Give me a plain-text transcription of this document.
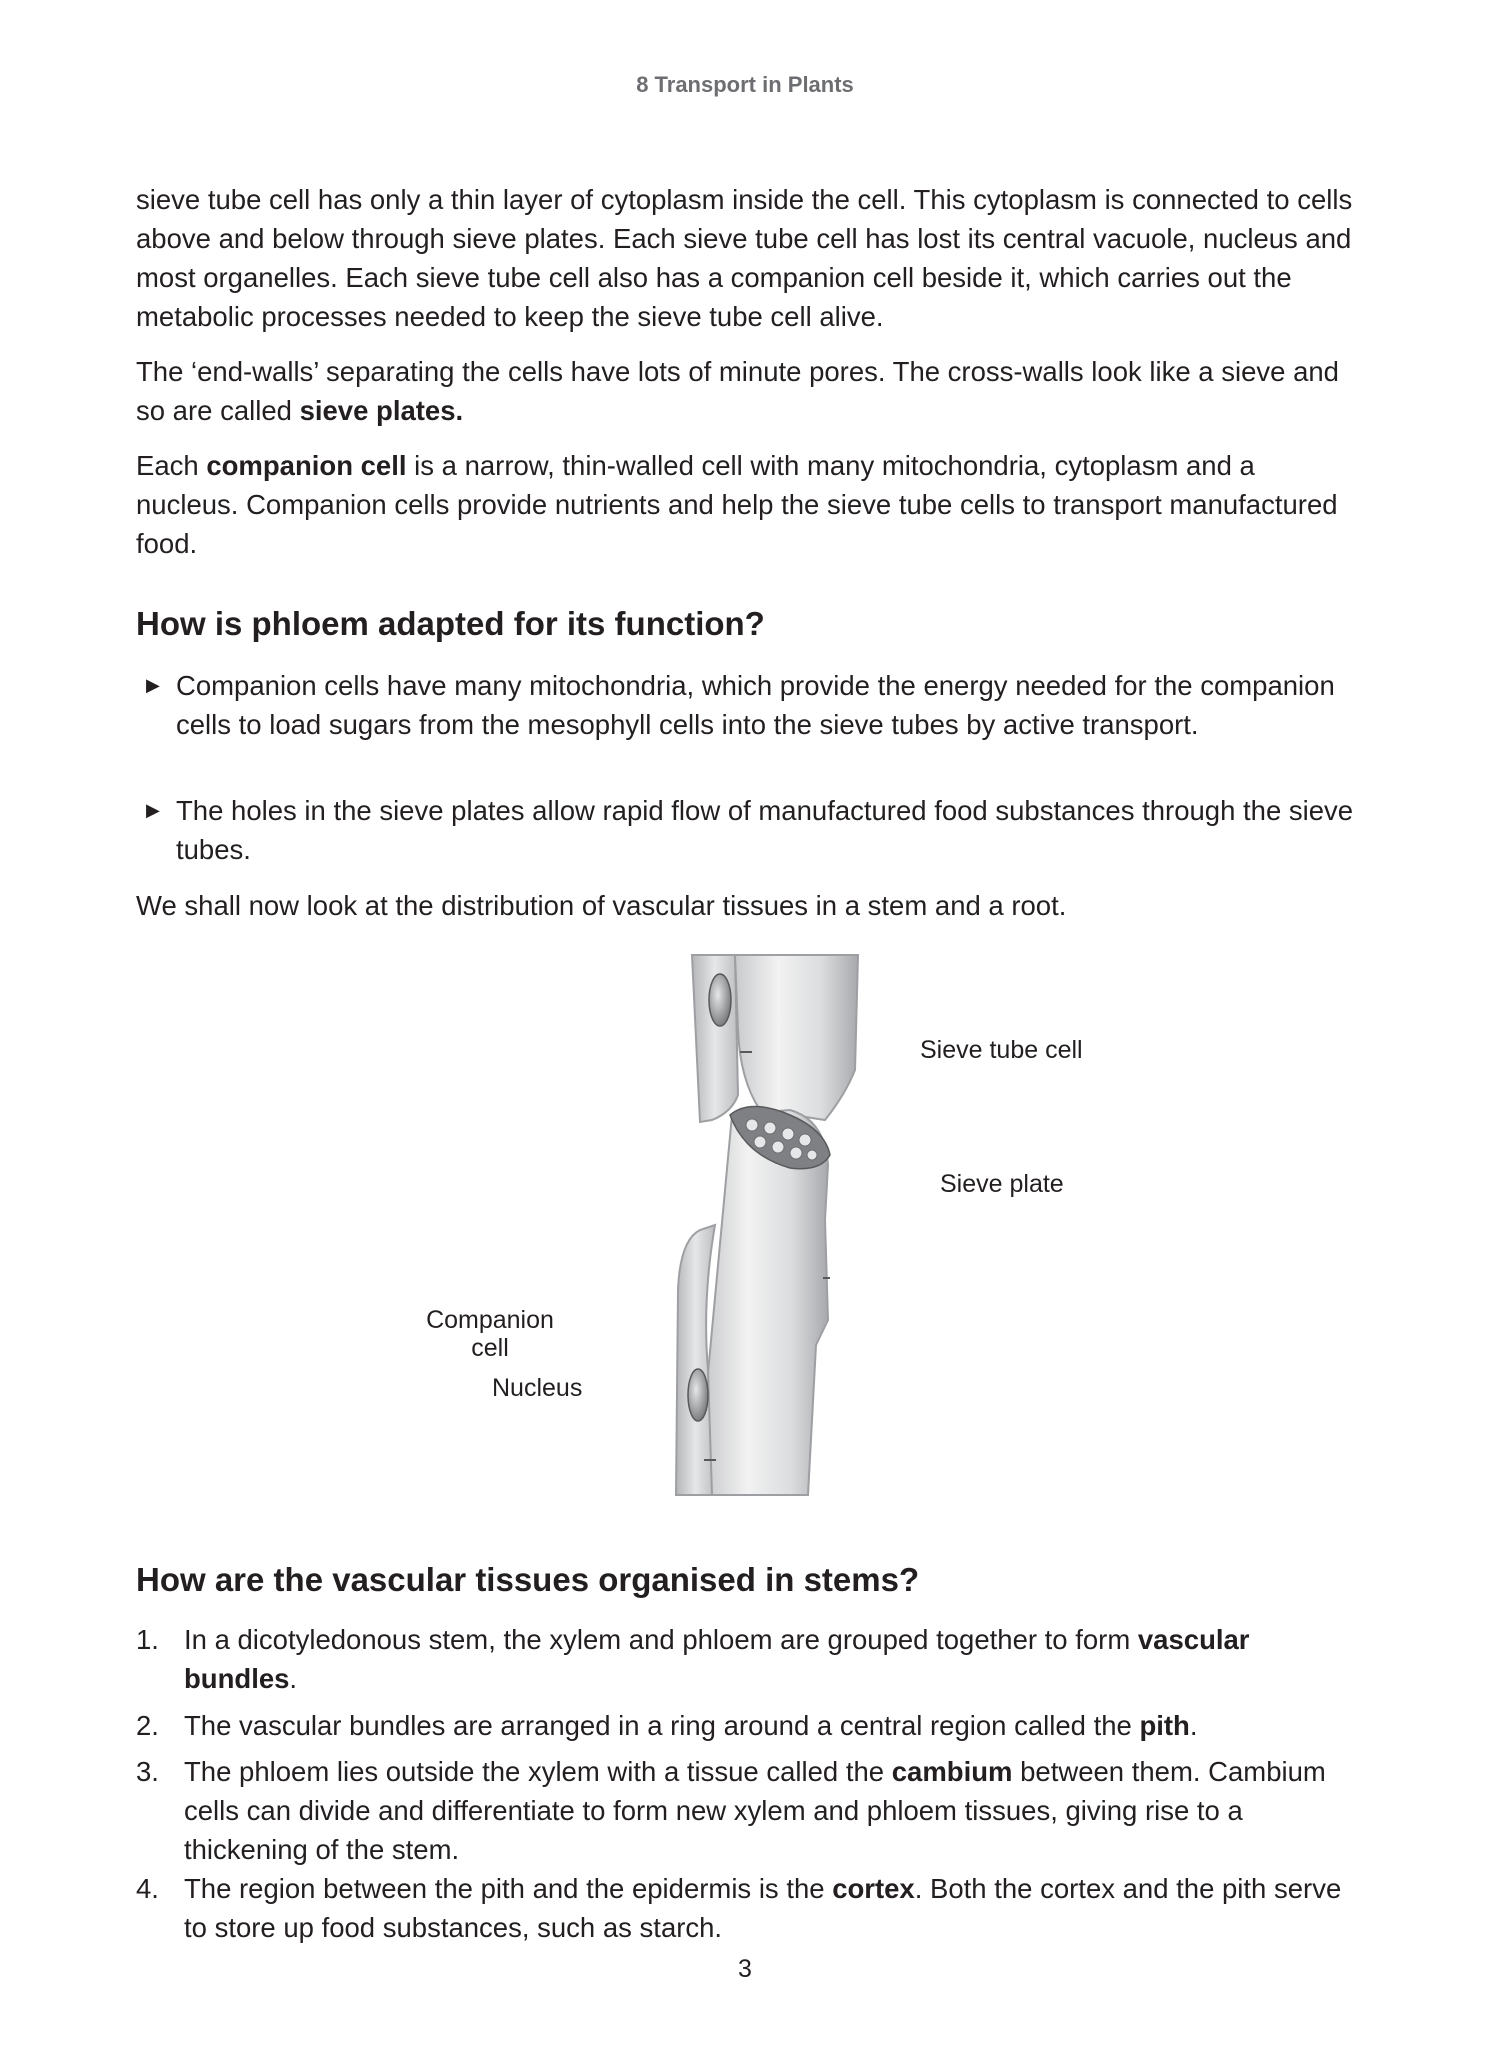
8 Transport in Plants
sieve tube cell has only a thin layer of cytoplasm inside the cell. This cytoplasm is connected to cells above and below through sieve plates. Each sieve tube cell has lost its central vacuole, nucleus and most organelles. Each sieve tube cell also has a companion cell beside it, which carries out the metabolic processes needed to keep the sieve tube cell alive.
The ‘end-walls’ separating the cells have lots of minute pores. The cross-walls look like a sieve and so are called sieve plates.
Each companion cell is a narrow, thin-walled cell with many mitochondria, cytoplasm and a nucleus. Companion cells provide nutrients and help the sieve tube cells to transport manufactured food.
How is phloem adapted for its function?
▶ Companion cells have many mitochondria, which provide the energy needed for the companion cells to load sugars from the mesophyll cells into the sieve tubes by active transport.
▶ The holes in the sieve plates allow rapid flow of manufactured food substances through the sieve tubes.
We shall now look at the distribution of vascular tissues in a stem and a root.
Sieve tube cell
Sieve plate
Companion
cell
Nucleus
How are the vascular tissues organised in stems?
1. In a dicotyledonous stem, the xylem and phloem are grouped together to form vascular bundles.
2. The vascular bundles are arranged in a ring around a central region called the pith.
3. The phloem lies outside the xylem with a tissue called the cambium between them. Cambium cells can divide and differentiate to form new xylem and phloem tissues, giving rise to a thickening of the stem.
4. The region between the pith and the epidermis is the cortex. Both the cortex and the pith serve to store up food substances, such as starch.
3
